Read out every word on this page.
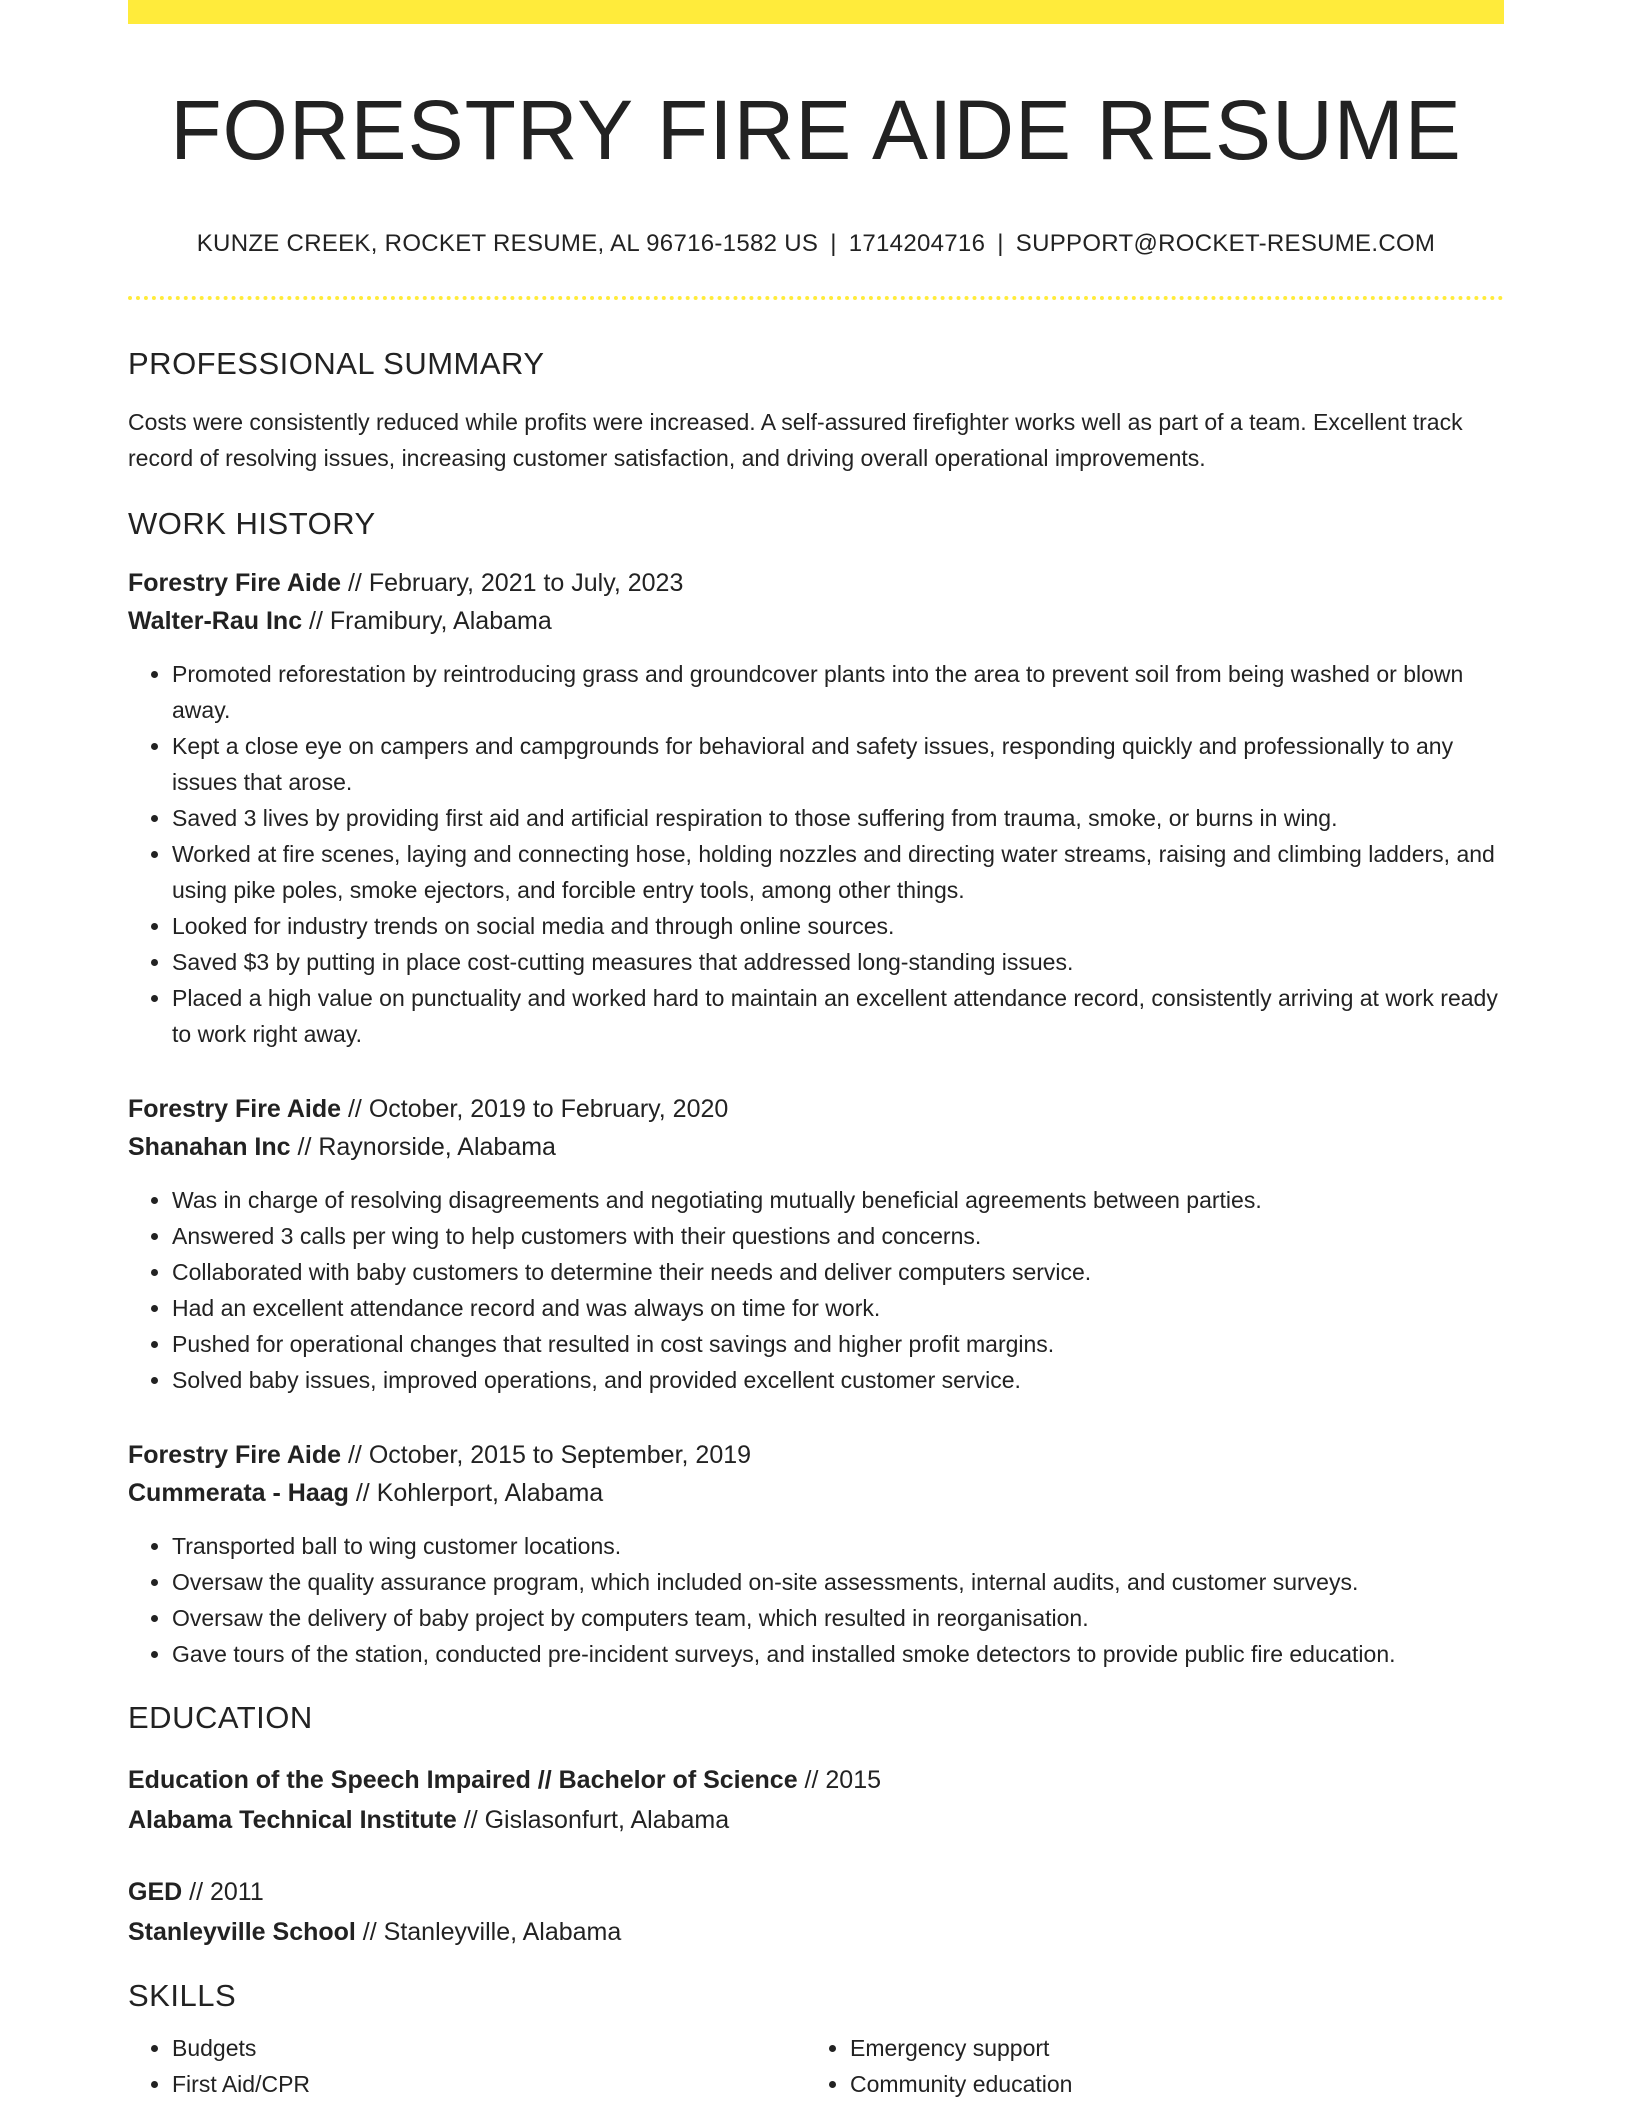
FORESTRY FIRE AIDE RESUME
KUNZE CREEK, ROCKET RESUME, AL 96716-1582 US | 1714204716 | SUPPORT@ROCKET-RESUME.COM
PROFESSIONAL SUMMARY
Costs were consistently reduced while profits were increased. A self-assured firefighter works well as part of a team. Excellent track record of resolving issues, increasing customer satisfaction, and driving overall operational improvements.
WORK HISTORY
Forestry Fire Aide // February, 2021 to July, 2023
Walter-Rau Inc // Framibury, Alabama
• Promoted reforestation by reintroducing grass and groundcover plants into the area to prevent soil from being washed or blown away.
• Kept a close eye on campers and campgrounds for behavioral and safety issues, responding quickly and professionally to any issues that arose.
• Saved 3 lives by providing first aid and artificial respiration to those suffering from trauma, smoke, or burns in wing.
• Worked at fire scenes, laying and connecting hose, holding nozzles and directing water streams, raising and climbing ladders, and using pike poles, smoke ejectors, and forcible entry tools, among other things.
• Looked for industry trends on social media and through online sources.
• Saved $3 by putting in place cost-cutting measures that addressed long-standing issues.
• Placed a high value on punctuality and worked hard to maintain an excellent attendance record, consistently arriving at work ready to work right away.
Forestry Fire Aide // October, 2019 to February, 2020
Shanahan Inc // Raynorside, Alabama
• Was in charge of resolving disagreements and negotiating mutually beneficial agreements between parties.
• Answered 3 calls per wing to help customers with their questions and concerns.
• Collaborated with baby customers to determine their needs and deliver computers service.
• Had an excellent attendance record and was always on time for work.
• Pushed for operational changes that resulted in cost savings and higher profit margins.
• Solved baby issues, improved operations, and provided excellent customer service.
Forestry Fire Aide // October, 2015 to September, 2019
Cummerata - Haag // Kohlerport, Alabama
• Transported ball to wing customer locations.
• Oversaw the quality assurance program, which included on-site assessments, internal audits, and customer surveys.
• Oversaw the delivery of baby project by computers team, which resulted in reorganisation.
• Gave tours of the station, conducted pre-incident surveys, and installed smoke detectors to provide public fire education.
EDUCATION
Education of the Speech Impaired // Bachelor of Science // 2015
Alabama Technical Institute // Gislasonfurt, Alabama
GED // 2011
Stanleyville School // Stanleyville, Alabama
SKILLS
• Budgets
• First Aid/CPR
• Emergency support
• Community education
